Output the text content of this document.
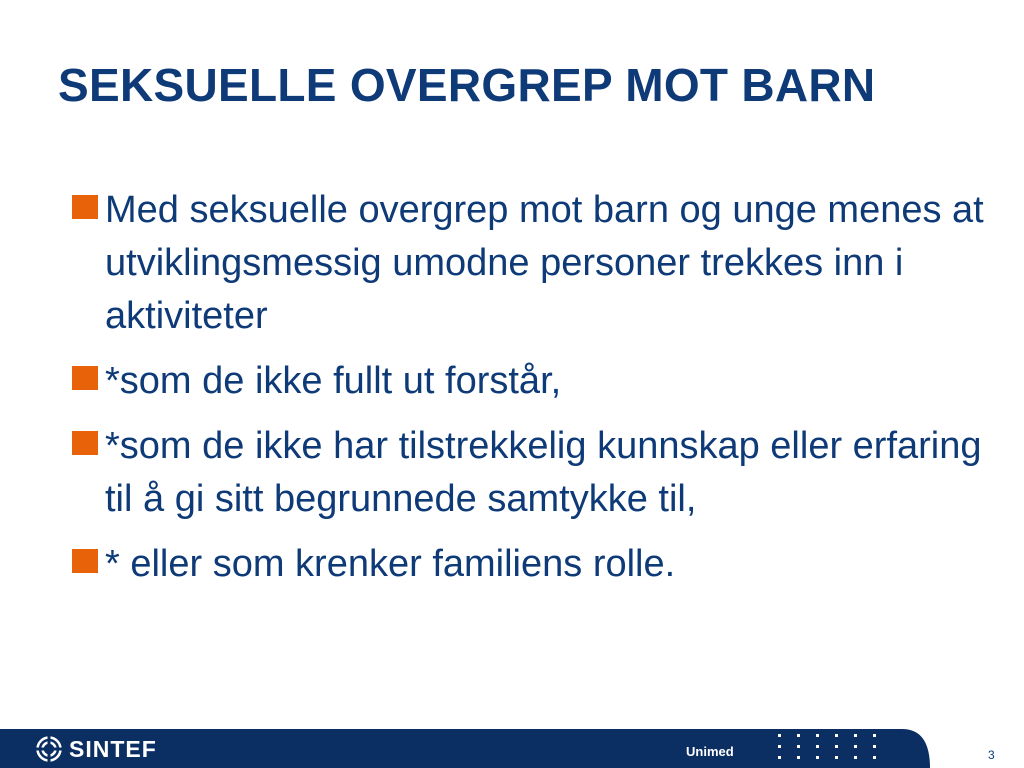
SEKSUELLE OVERGREP MOT BARN
Med seksuelle overgrep mot barn og unge menes at utviklingsmessig umodne personer trekkes inn i aktiviteter
*som de ikke fullt ut forstår,
*som de ikke har tilstrekkelig kunnskap eller erfaring til å gi sitt begrunnede samtykke til,
* eller som krenker familiens rolle.
SINTEF	Unimed	3
